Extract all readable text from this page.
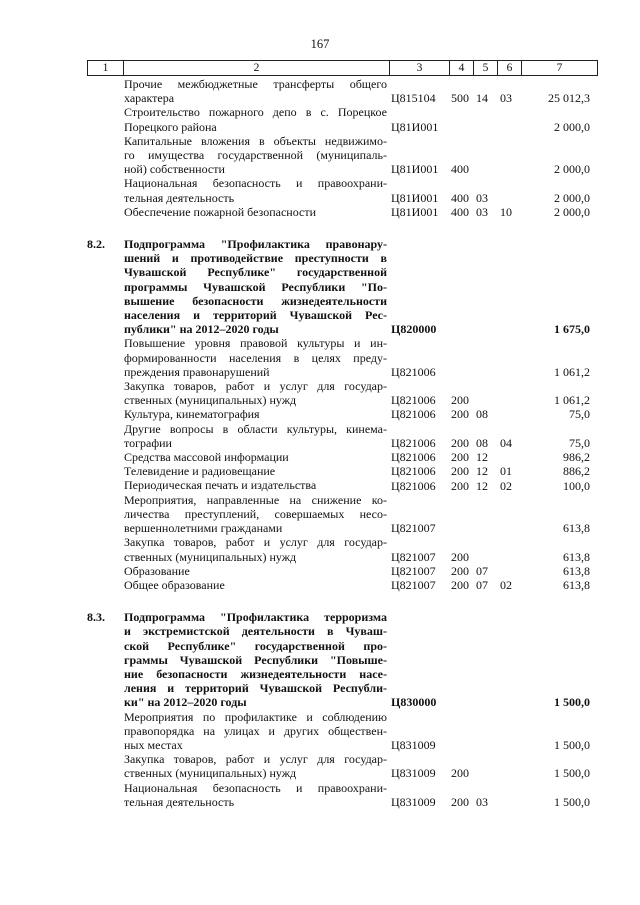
167
1	2	3	4	5	6	7
Прочие межбюджетные трансферты общего
характера	Ц815104 500 14 03	25 012,3
Строительство пожарного депо в с. Порецкое
Порецкого района	Ц81И001	2 000,0
Капитальные вложения в объекты недвижимо-
го имущества государственной (муниципаль-
ной) собственности	Ц81И001 400	2 000,0
Национальная безопасность и правоохрани-
тельная деятельность	Ц81И001 400 03	2 000,0
Обеспечение пожарной безопасности	Ц81И001 400 03 10	2 000,0
8.2.	Подпрограмма "Профилактика правонару-
шений и противодействие преступности в
Чувашской Республике" государственной
программы Чувашской Республики "По-
вышение безопасности жизнедеятельности
населения и территорий Чувашской Рес-
публики" на 2012–2020 годы	Ц820000	1 675,0
Повышение уровня правовой культуры и ин-
формированности населения в целях преду-
преждения правонарушений	Ц821006	1 061,2
Закупка товаров, работ и услуг для государ-
ственных (муниципальных) нужд	Ц821006 200	1 061,2
Культура, кинематография	Ц821006 200 08	75,0
Другие вопросы в области культуры, кинема-
тографии	Ц821006 200 08 04	75,0
Средства массовой информации	Ц821006 200 12	986,2
Телевидение и радиовещание	Ц821006 200 12 01	886,2
Периодическая печать и издательства	Ц821006 200 12 02	100,0
Мероприятия, направленные на снижение ко-
личества преступлений, совершаемых несо-
вершеннолетними гражданами	Ц821007	613,8
Закупка товаров, работ и услуг для государ-
ственных (муниципальных) нужд	Ц821007 200	613,8
Образование	Ц821007 200 07	613,8
Общее образование	Ц821007 200 07 02	613,8
8.3.	Подпрограмма "Профилактика терроризма
и экстремистской деятельности в Чуваш-
ской Республике" государственной про-
граммы Чувашской Республики "Повыше-
ние безопасности жизнедеятельности насе-
ления и территорий Чувашской Республи-
ки" на 2012–2020 годы	Ц830000	1 500,0
Мероприятия по профилактике и соблюдению
правопорядка на улицах и других обществен-
ных местах	Ц831009	1 500,0
Закупка товаров, работ и услуг для государ-
ственных (муниципальных) нужд	Ц831009 200	1 500,0
Национальная безопасность и правоохрани-
тельная деятельность	Ц831009 200 03	1 500,0
